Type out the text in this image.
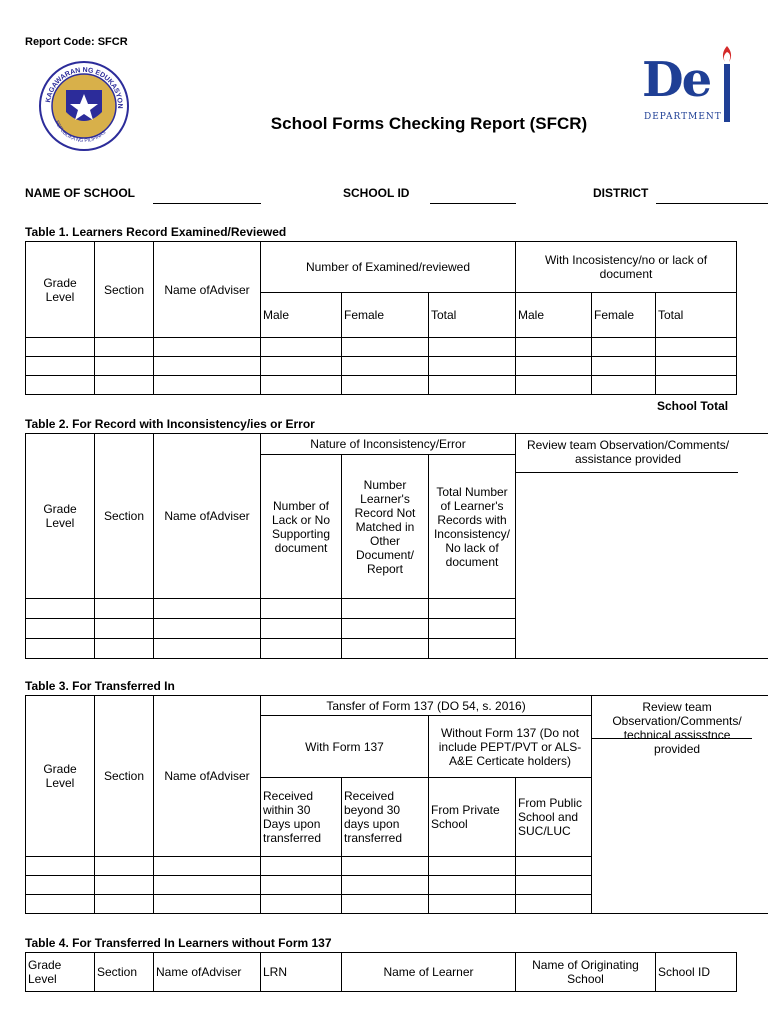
Report Code: SFCR
KAGAWARAN NG EDUKASYON
REPUBLIKA NG PILIPINAS	School Forms Checking Report (SFCR)
De
DEPARTMENT
NAME OF SCHOOL	SCHOOL ID	DISTRICT
Table 1. Learners Record Examined/Reviewed
Grade Level	Section	Name ofAdviser	Number of Examined/reviewed			With Incosistency/no or lack of document		
			Male	Female	Total	Male	Female	Total

School Total
Table 2. For Record with Inconsistency/ies or Error
Grade Level	Section	Name ofAdviser	Nature of Inconsistency/Error			Review team Observation/Comments/ assistance provided

			Number of Lack or No Supporting document	Number Learner's Record Not Matched in Other Document/ Report	Total Number of Learner's Records with Inconsistency/ No lack of document	

Table 3. For Transferred In
Grade Level	Section	Name ofAdviser	Tansfer of Form 137 (DO 54, s. 2016)				Review team Observation/Comments/ technical assisstnce provided

			With Form 137		Without Form 137 (Do not include PEPT/PVT or ALS-A&E Certicate holders)		
			Received within 30 Days upon transferred	Received beyond 30 days upon transferred	From Private School	From Public School and SUC/LUC	

Table 4. For Transferred In Learners without Form 137
Grade Level	Section	Name ofAdviser	LRN	Name of Learner	Name of Originating School	School ID
